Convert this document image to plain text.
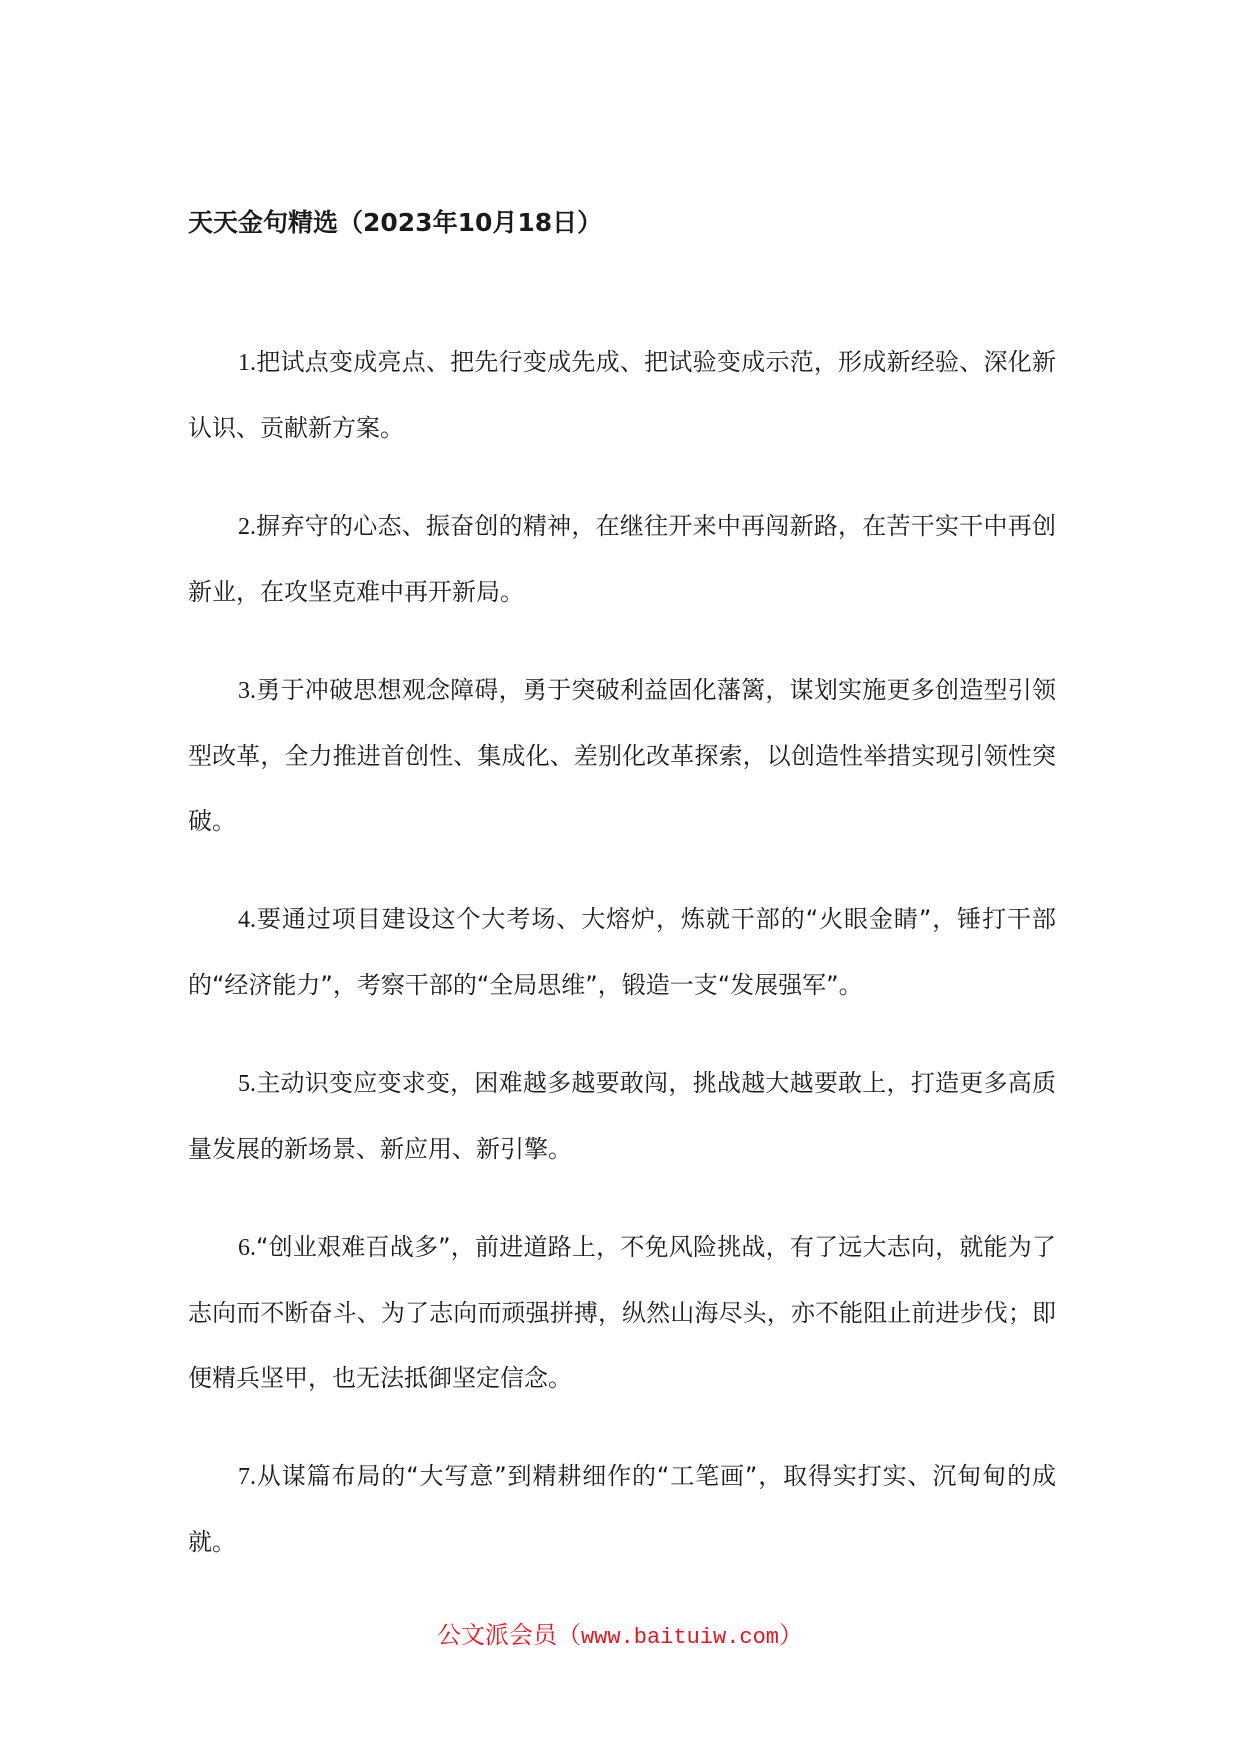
天天金句精选（2023年10月18日）

1.把试点变成亮点、把先行变成先成、把试验变成示范，形成新经验、深化新认识、贡献新方案。

2.摒弃守的心态、振奋创的精神，在继往开来中再闯新路，在苦干实干中再创新业，在攻坚克难中再开新局。

3.勇于冲破思想观念障碍，勇于突破利益固化藩篱，谋划实施更多创造型引领型改革，全力推进首创性、集成化、差别化改革探索，以创造性举措实现引领性突破。

4.要通过项目建设这个大考场、大熔炉，炼就干部的“火眼金睛”，锤打干部的“经济能力”，考察干部的“全局思维”，锻造一支“发展强军”。

5.主动识变应变求变，困难越多越要敢闯，挑战越大越要敢上，打造更多高质量发展的新场景、新应用、新引擎。

6.“创业艰难百战多”，前进道路上，不免风险挑战，有了远大志向，就能为了志向而不断奋斗、为了志向而顽强拼搏，纵然山海尽头，亦不能阻止前进步伐；即便精兵坚甲，也无法抵御坚定信念。

7.从谋篇布局的“大写意”到精耕细作的“工笔画”，取得实打实、沉甸甸的成就。

公文派会员（www.baituiw.com）
